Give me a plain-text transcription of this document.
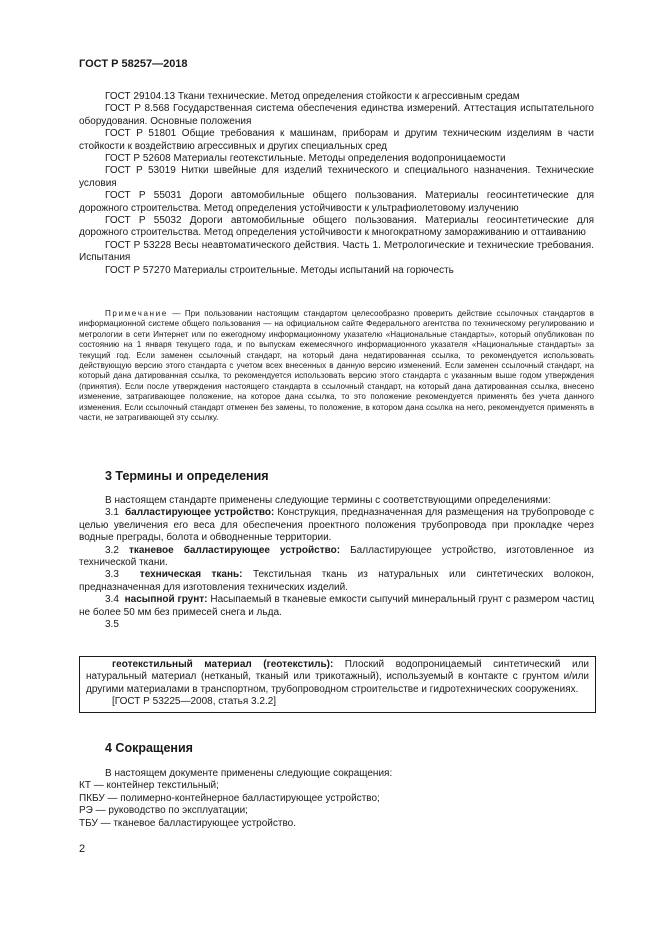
ГОСТ Р 58257—2018

ГОСТ 29104.13 Ткани технические. Метод определения стойкости к агрессивным средам

ГОСТ Р 8.568 Государственная система обеспечения единства измерений. Аттестация испытательного оборудования. Основные положения

ГОСТ Р 51801 Общие требования к машинам, приборам и другим техническим изделиям в части стойкости к воздействию агрессивных и других специальных сред

ГОСТ Р 52608 Материалы геотекстильные. Методы определения водопроницаемости

ГОСТ Р 53019 Нитки швейные для изделий технического и специального назначения. Технические условия

ГОСТ Р 55031 Дороги автомобильные общего пользования. Материалы геосинтетические для дорожного строительства. Метод определения устойчивости к ультрафиолетовому излучению

ГОСТ Р 55032 Дороги автомобильные общего пользования. Материалы геосинтетические для дорожного строительства. Метод определения устойчивости к многократному замораживанию и оттаиванию

ГОСТ Р 53228 Весы неавтоматического действия. Часть 1. Метрологические и технические требования. Испытания

ГОСТ Р 57270 Материалы строительные. Методы испытаний на горючесть

Примечание — При пользовании настоящим стандартом целесообразно проверить действие ссылочных стандартов в информационной системе общего пользования — на официальном сайте Федерального агентства по техническому регулированию и метрологии в сети Интернет или по ежегодному информационному указателю «Национальные стандарты», который опубликован по состоянию на 1 января текущего года, и по выпускам ежемесячного информационного указателя «Национальные стандарты» за текущий год. Если заменен ссылочный стандарт, на который дана недатированная ссылка, то рекомендуется использовать действующую версию этого стандарта с учетом всех внесенных в данную версию изменений. Если заменен ссылочный стандарт, на который дана датированная ссылка, то рекомендуется использовать версию этого стандарта с указанным выше годом утверждения (принятия). Если после утверждения настоящего стандарта в ссылочный стандарт, на который дана датированная ссылка, внесено изменение, затрагивающее положение, на которое дана ссылка, то это положение рекомендуется применять без учета данного изменения. Если ссылочный стандарт отменен без замены, то положение, в котором дана ссылка на него, рекомендуется применять в части, не затрагивающей эту ссылку.

3 Термины и определения

В настоящем стандарте применены следующие термины с соответствующими определениями:

3.1 балластирующее устройство: Конструкция, предназначенная для размещения на трубопроводе с целью увеличения его веса для обеспечения проектного положения трубопровода при прокладке через водные преграды, болота и обводненные территории.

3.2 тканевое балластирующее устройство: Балластирующее устройство, изготовленное из технической ткани.

3.3 техническая ткань: Текстильная ткань из натуральных или синтетических волокон, предназначенная для изготовления технических изделий.

3.4 насыпной грунт: Насыпаемый в тканевые емкости сыпучий минеральный грунт с размером частиц не более 50 мм без примесей снега и льда.

3.5

геотекстильный материал (геотекстиль): Плоский водопроницаемый синтетический или натуральный материал (нетканый, тканый или трикотажный), используемый в контакте с грунтом и/или другими материалами в транспортном, трубопроводном строительстве и гидротехнических сооружениях.

[ГОСТ Р 53225—2008, статья 3.2.2]

4 Сокращения

В настоящем документе применены следующие сокращения:

КТ — контейнер текстильный;

ПКБУ — полимерно-контейнерное балластирующее устройство;

РЭ — руководство по эксплуатации;

ТБУ — тканевое балластирующее устройство.

2
